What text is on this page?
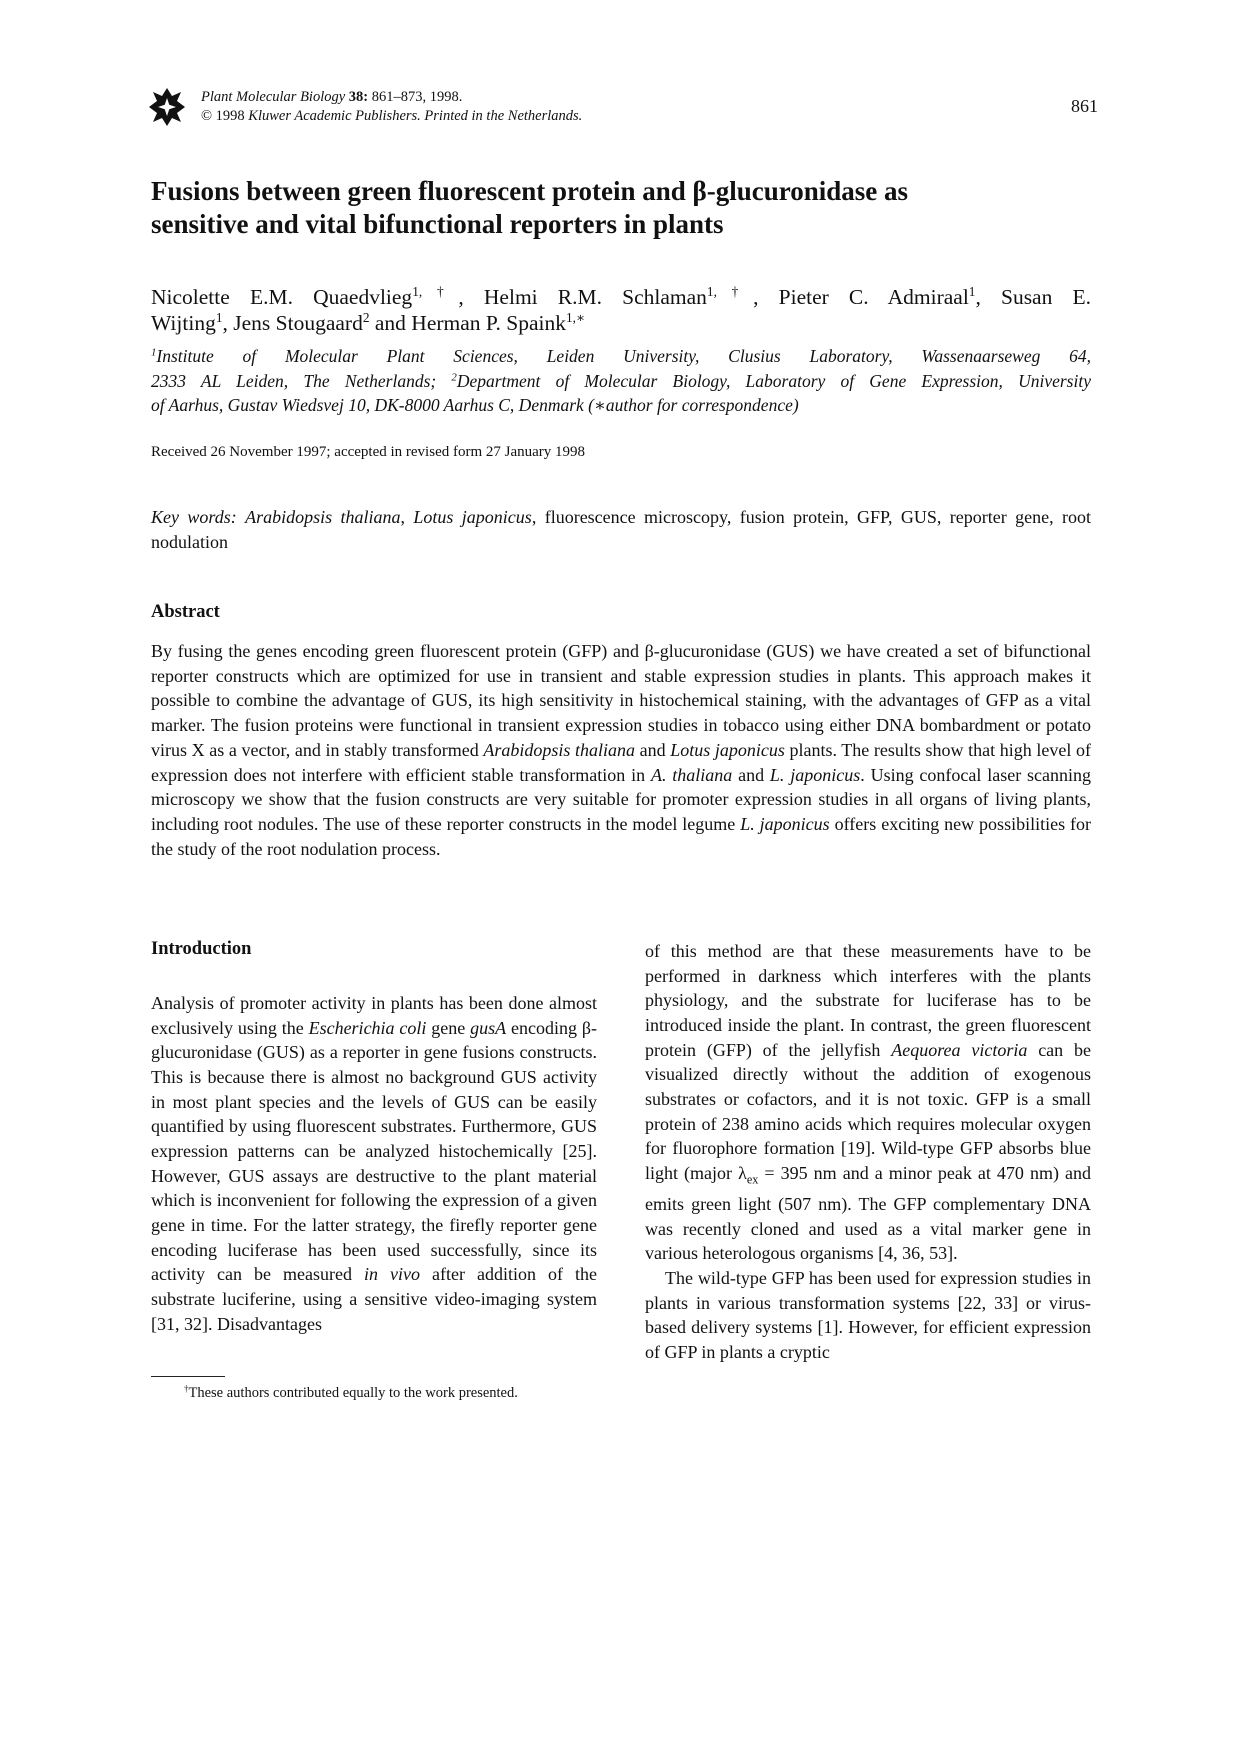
Plant Molecular Biology 38: 861–873, 1998.
© 1998 Kluwer Academic Publishers. Printed in the Netherlands.	861
Fusions between green fluorescent protein and β-glucuronidase as
sensitive and vital bifunctional reporters in plants
Nicolette E.M. Quaedvlieg$^{1,\dagger}$, Helmi R.M. Schlaman$^{1,\dagger}$, Pieter C. Admiraal$^1$, Susan E.
Wijting$^1$, Jens Stougaard$^2$ and Herman P. Spaink$^{1,∗}$
$^1$Institute of Molecular Plant Sciences, Leiden University, Clusius Laboratory, Wassenaarseweg 64,
2333 AL Leiden, The Netherlands; $^2$Department of Molecular Biology, Laboratory of Gene Expression, University
of Aarhus, Gustav Wiedsvej 10, DK-8000 Aarhus C, Denmark (∗author for correspondence)
Received 26 November 1997; accepted in revised form 27 January 1998
Key words: Arabidopsis thaliana, Lotus japonicus, fluorescence microscopy, fusion protein, GFP, GUS, reporter gene, root nodulation
Abstract
By fusing the genes encoding green fluorescent protein (GFP) and β-glucuronidase (GUS) we have created a set of bifunctional reporter constructs which are optimized for use in transient and stable expression studies in plants. This approach makes it possible to combine the advantage of GUS, its high sensitivity in histochemical staining, with the advantages of GFP as a vital marker. The fusion proteins were functional in transient expression studies in tobacco using either DNA bombardment or potato virus X as a vector, and in stably transformed Arabidopsis thaliana and Lotus japonicus plants. The results show that high level of expression does not interfere with efficient stable transformation in A. thaliana and L. japonicus. Using confocal laser scanning microscopy we show that the fusion constructs are very suitable for promoter expression studies in all organs of living plants, including root nodules. The use of these reporter constructs in the model legume L. japonicus offers exciting new possibilities for the study of the root nodulation process.
Introduction

Analysis of promoter activity in plants has been done almost exclusively using the Escherichia coli gene gusA encoding β-glucuronidase (GUS) as a reporter in gene fusions constructs. This is because there is almost no background GUS activity in most plant species and the levels of GUS can be easily quantified by using fluorescent substrates. Furthermore, GUS expression patterns can be analyzed histochemically [25]. However, GUS assays are destructive to the plant material which is inconvenient for following the expression of a given gene in time. For the latter strategy, the firefly reporter gene encoding luciferase has been used successfully, since its activity can be measured in vivo after addition of the substrate luciferine, using a sensitive video-imaging system [31, 32]. Disadvantages

of this method are that these measurements have to be performed in darkness which interferes with the plants physiology, and the substrate for luciferase has to be introduced inside the plant. In contrast, the green fluorescent protein (GFP) of the jellyfish Aequorea victoria can be visualized directly without the addition of exogenous substrates or cofactors, and it is not toxic. GFP is a small protein of 238 amino acids which requires molecular oxygen for fluorophore formation [19]. Wild-type GFP absorbs blue light (major $\lambda_{ex} = 395$ nm and a minor peak at 470 nm) and emits green light (507 nm). The GFP complementary DNA was recently cloned and used as a vital marker gene in various heterologous organisms [4, 36, 53].

The wild-type GFP has been used for expression studies in plants in various transformation systems [22, 33] or virus-based delivery systems [1]. However, for efficient expression of GFP in plants a cryptic

†These authors contributed equally to the work presented.
